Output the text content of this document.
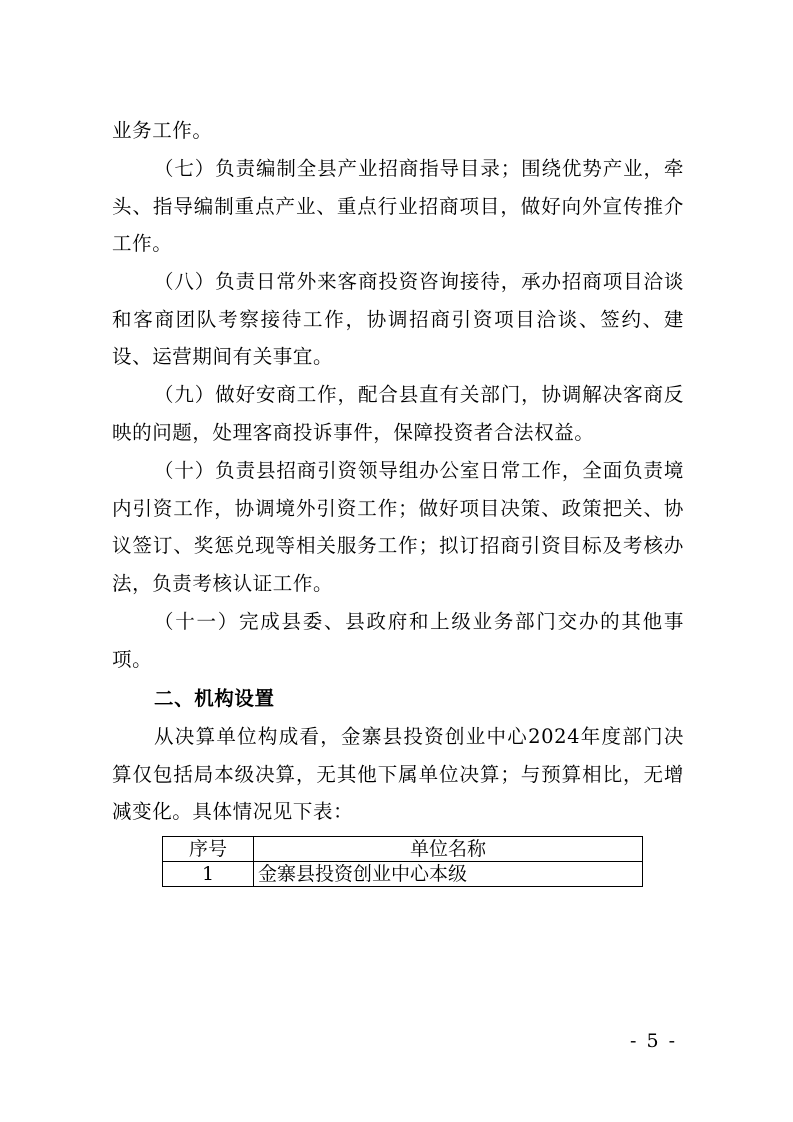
业务工作。

（七）负责编制全县产业招商指导目录；围绕优势产业，牵头、指导编制重点产业、重点行业招商项目，做好向外宣传推介工作。

（八）负责日常外来客商投资咨询接待，承办招商项目洽谈和客商团队考察接待工作，协调招商引资项目洽谈、签约、建设、运营期间有关事宜。

（九）做好安商工作，配合县直有关部门，协调解决客商反映的问题，处理客商投诉事件，保障投资者合法权益。

（十）负责县招商引资领导组办公室日常工作，全面负责境内引资工作，协调境外引资工作；做好项目决策、政策把关、协议签订、奖惩兑现等相关服务工作；拟订招商引资目标及考核办法，负责考核认证工作。

（十一）完成县委、县政府和上级业务部门交办的其他事项。

二、机构设置

从决算单位构成看，金寨县投资创业中心2024年度部门决算仅包括局本级决算，无其他下属单位决算；与预算相比，无增减变化。具体情况见下表：

序号	单位名称
1	金寨县投资创业中心本级
- 5 -
